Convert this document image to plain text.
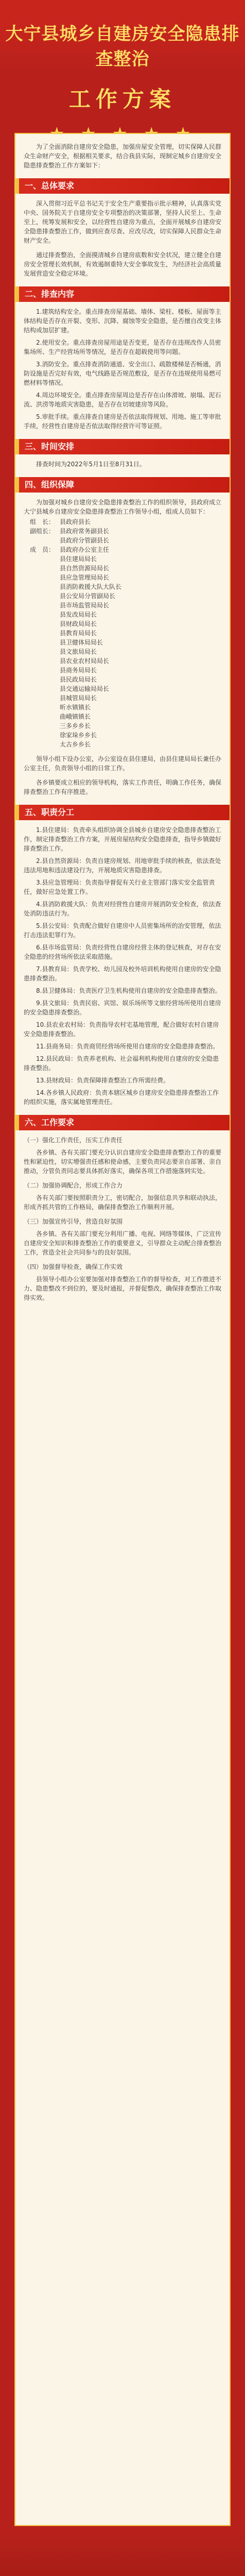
大宁县城乡自建房安全隐患排查整治
工作方案

为了全面消除自建房安全隐患，加强房屋安全管理，切实保障人民群众生命财产安全，根据相关要求，结合我县实际，现制定城乡自建房安全隐患排查整治工作方案如下：

一、总体要求

深入贯彻习近平总书记关于安全生产重要指示批示精神，认真落实党中央、国务院关于自建房安全专项整治的决策部署，坚持人民至上、生命至上，统筹发展和安全，以经营性自建房为重点，全面开展城乡自建房安全隐患排查整治工作，做到应查尽查、应改尽改，切实保障人民群众生命财产安全。

通过排查整治，全面摸清城乡自建房底数和安全状况，建立健全自建房安全管理长效机制，有效遏制重特大安全事故发生，为经济社会高质量发展营造安全稳定环境。

二、排查内容

1.建筑结构安全。重点排查房屋基础、墙体、梁柱、楼板、屋面等主体结构是否存在开裂、变形、沉降、腐蚀等安全隐患，是否擅自改变主体结构或加层扩建。

2.使用安全。重点排查房屋用途是否变更，是否存在违规改作人员密集场所、生产经营场所等情况，是否存在超载使用等问题。

3.消防安全。重点排查消防通道、安全出口、疏散楼梯是否畅通，消防设施是否完好有效，电气线路是否规范敷设，是否存在违规使用易燃可燃材料等情况。

4.周边环境安全。重点排查房屋周边是否存在山体滑坡、崩塌、泥石流、洪涝等地质灾害隐患，是否存在切坡建房等风险。

5.审批手续。重点排查自建房是否依法取得规划、用地、施工等审批手续，经营性自建房是否依法取得经营许可等证照。

三、时间安排

排查时间为2022年5月1日至8月31日。

四、组织保障

为加强对城乡自建房安全隐患排查整治工作的组织领导，县政府成立大宁县城乡自建房安全隐患排查整治工作领导小组，组成人员如下：

组　长： 县政府县长
副组长： 县政府常务副县长
　　　县政府分管副县长
成　员： 县政府办公室主任
　　　县住建局局长
　　　县自然资源局局长
　　　县应急管理局局长
　　　县消防救援大队大队长
　　　县公安局分管副局长
　　　县市场监管局局长
　　　县发改局局长
　　　县财政局局长
　　　县教育局局长
　　　县卫健体局局长
　　　县文旅局局长
　　　县农业农村局局长
　　　县商务局局长
　　　县民政局局长
　　　县交通运输局局长
　　　县城管局局长
　　　昕水镇镇长
　　　曲峨镇镇长
　　　三多乡乡长
　　　徐家垛乡乡长
　　　太古乡乡长

领导小组下设办公室，办公室设在县住建局，由县住建局局长兼任办公室主任，负责领导小组的日常工作。

各乡镇要成立相应的领导机构，落实工作责任，明确工作任务，确保排查整治工作有序推进。

五、职责分工

1.县住建局：负责牵头组织协调全县城乡自建房安全隐患排查整治工作，制定排查整治工作方案，开展房屋结构安全隐患排查，指导乡镇做好排查整治工作。

2.县自然资源局：负责自建房规划、用地审批手续的核查，依法查处违法用地和违法建设行为，开展地质灾害隐患排查。

3.县应急管理局：负责指导督促有关行业主管部门落实安全监管责任，做好应急处置工作。

4.县消防救援大队：负责对经营性自建房开展消防安全检查，依法查处消防违法行为。

5.县公安局：负责配合做好自建房中人员密集场所的治安管理，依法打击违法犯罪行为。

6.县市场监管局：负责经营性自建房经营主体的登记核查，对存在安全隐患的经营场所依法采取措施。

7.县教育局：负责学校、幼儿园及校外培训机构使用自建房的安全隐患排查整治。

8.县卫健体局：负责医疗卫生机构使用自建房的安全隐患排查整治。

9.县文旅局：负责民宿、宾馆、娱乐场所等文旅经营场所使用自建房的安全隐患排查整治。

10.县农业农村局：负责指导农村宅基地管理，配合做好农村自建房安全隐患排查整治。

11.县商务局：负责商贸经营场所使用自建房的安全隐患排查整治。

12.县民政局：负责养老机构、社会福利机构使用自建房的安全隐患排查整治。

13.县财政局：负责保障排查整治工作所需经费。

14.各乡镇人民政府：负责本辖区城乡自建房安全隐患排查整治工作的组织实施，落实属地管理责任。

六、工作要求
（一）强化工作责任，压实工作责任

各乡镇、各有关部门要充分认识自建房安全隐患排查整治工作的重要性和紧迫性，切实增强责任感和使命感，主要负责同志要亲自部署、亲自推动，分管负责同志要具体抓好落实，确保各项工作措施落到实处。

（二）加强协调配合，形成工作合力

各有关部门要按照职责分工，密切配合，加强信息共享和联动执法，形成齐抓共管的工作格局，确保排查整治工作顺利开展。

（三）加强宣传引导，营造良好氛围

各乡镇、各有关部门要充分利用广播、电视、网络等媒体，广泛宣传自建房安全知识和排查整治工作的重要意义，引导群众主动配合排查整治工作，营造全社会共同参与的良好氛围。

（四）加强督导检查，确保工作实效

县领导小组办公室要加强对排查整治工作的督导检查，对工作推进不力、隐患整改不到位的，要及时通报，并督促整改，确保排查整治工作取得实效。
